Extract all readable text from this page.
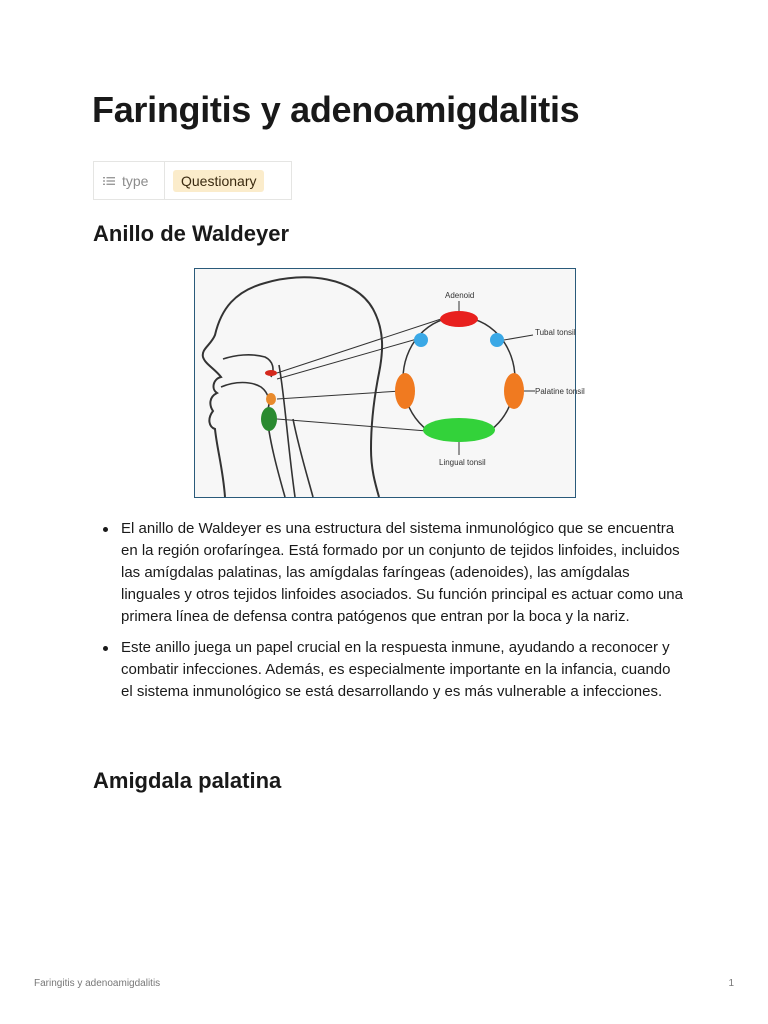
Faringitis y adenoamigdalitis
type	Questionary
Anillo de Waldeyer
Adenoid
Tubal tonsil
Palatine tonsil
Lingual tonsil
El anillo de Waldeyer es una estructura del sistema inmunológico que se encuentra en la región orofaríngea. Está formado por un conjunto de tejidos linfoides, incluidos las amígdalas palatinas, las amígdalas faríngeas (adenoides), las amígdalas linguales y otros tejidos linfoides asociados. Su función principal es actuar como una primera línea de defensa contra patógenos que entran por la boca y la nariz.
Este anillo juega un papel crucial en la respuesta inmune, ayudando a reconocer y combatir infecciones. Además, es especialmente importante en la infancia, cuando el sistema inmunológico se está desarrollando y es más vulnerable a infecciones.
Amigdala palatina
Faringitis y adenoamigdalitis	1
